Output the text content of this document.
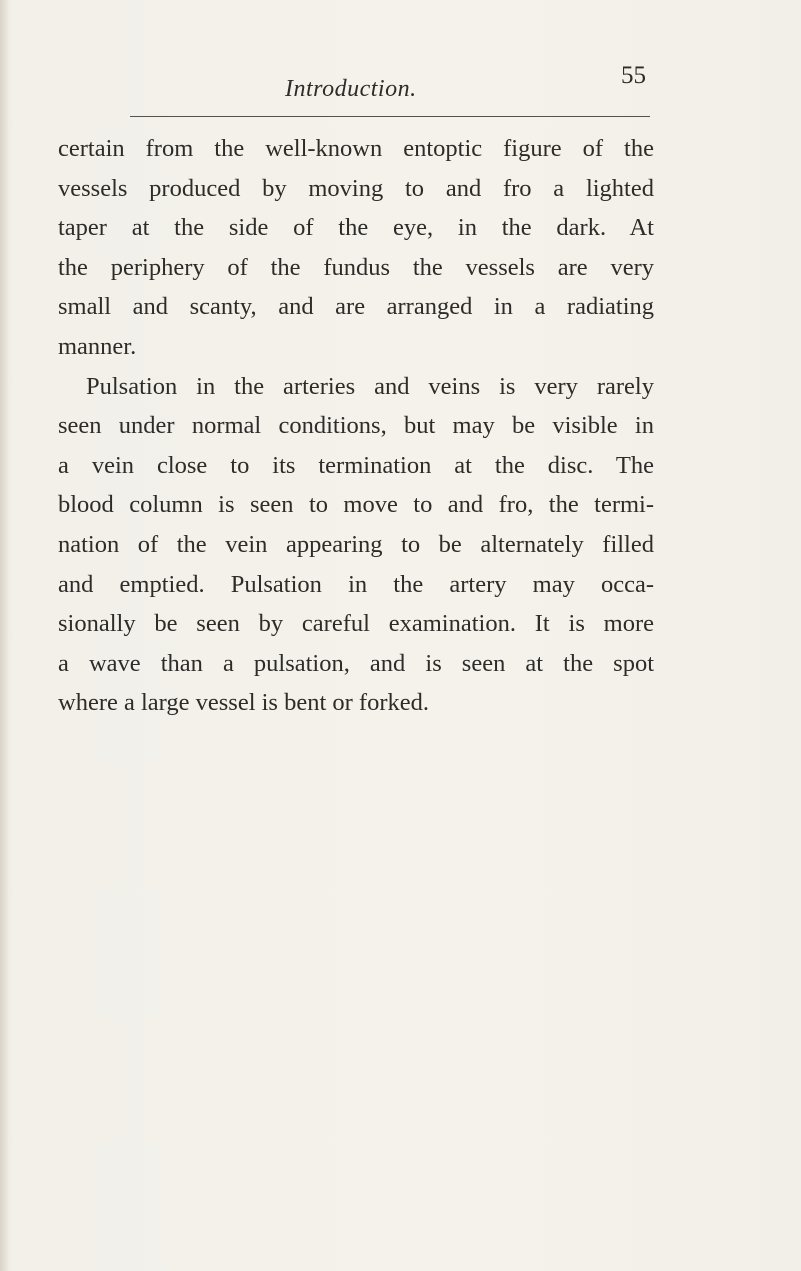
Introduction.	55
certain from the well-known entoptic figure of the
vessels produced by moving to and fro a lighted
taper at the side of the eye, in the dark. At
the periphery of the fundus the vessels are very
small and scanty, and are arranged in a radiating
manner.
Pulsation in the arteries and veins is very rarely
seen under normal conditions, but may be visible in
a vein close to its termination at the disc. The
blood column is seen to move to and fro, the termi-
nation of the vein appearing to be alternately filled
and emptied. Pulsation in the artery may occa-
sionally be seen by careful examination. It is more
a wave than a pulsation, and is seen at the spot
where a large vessel is bent or forked.
